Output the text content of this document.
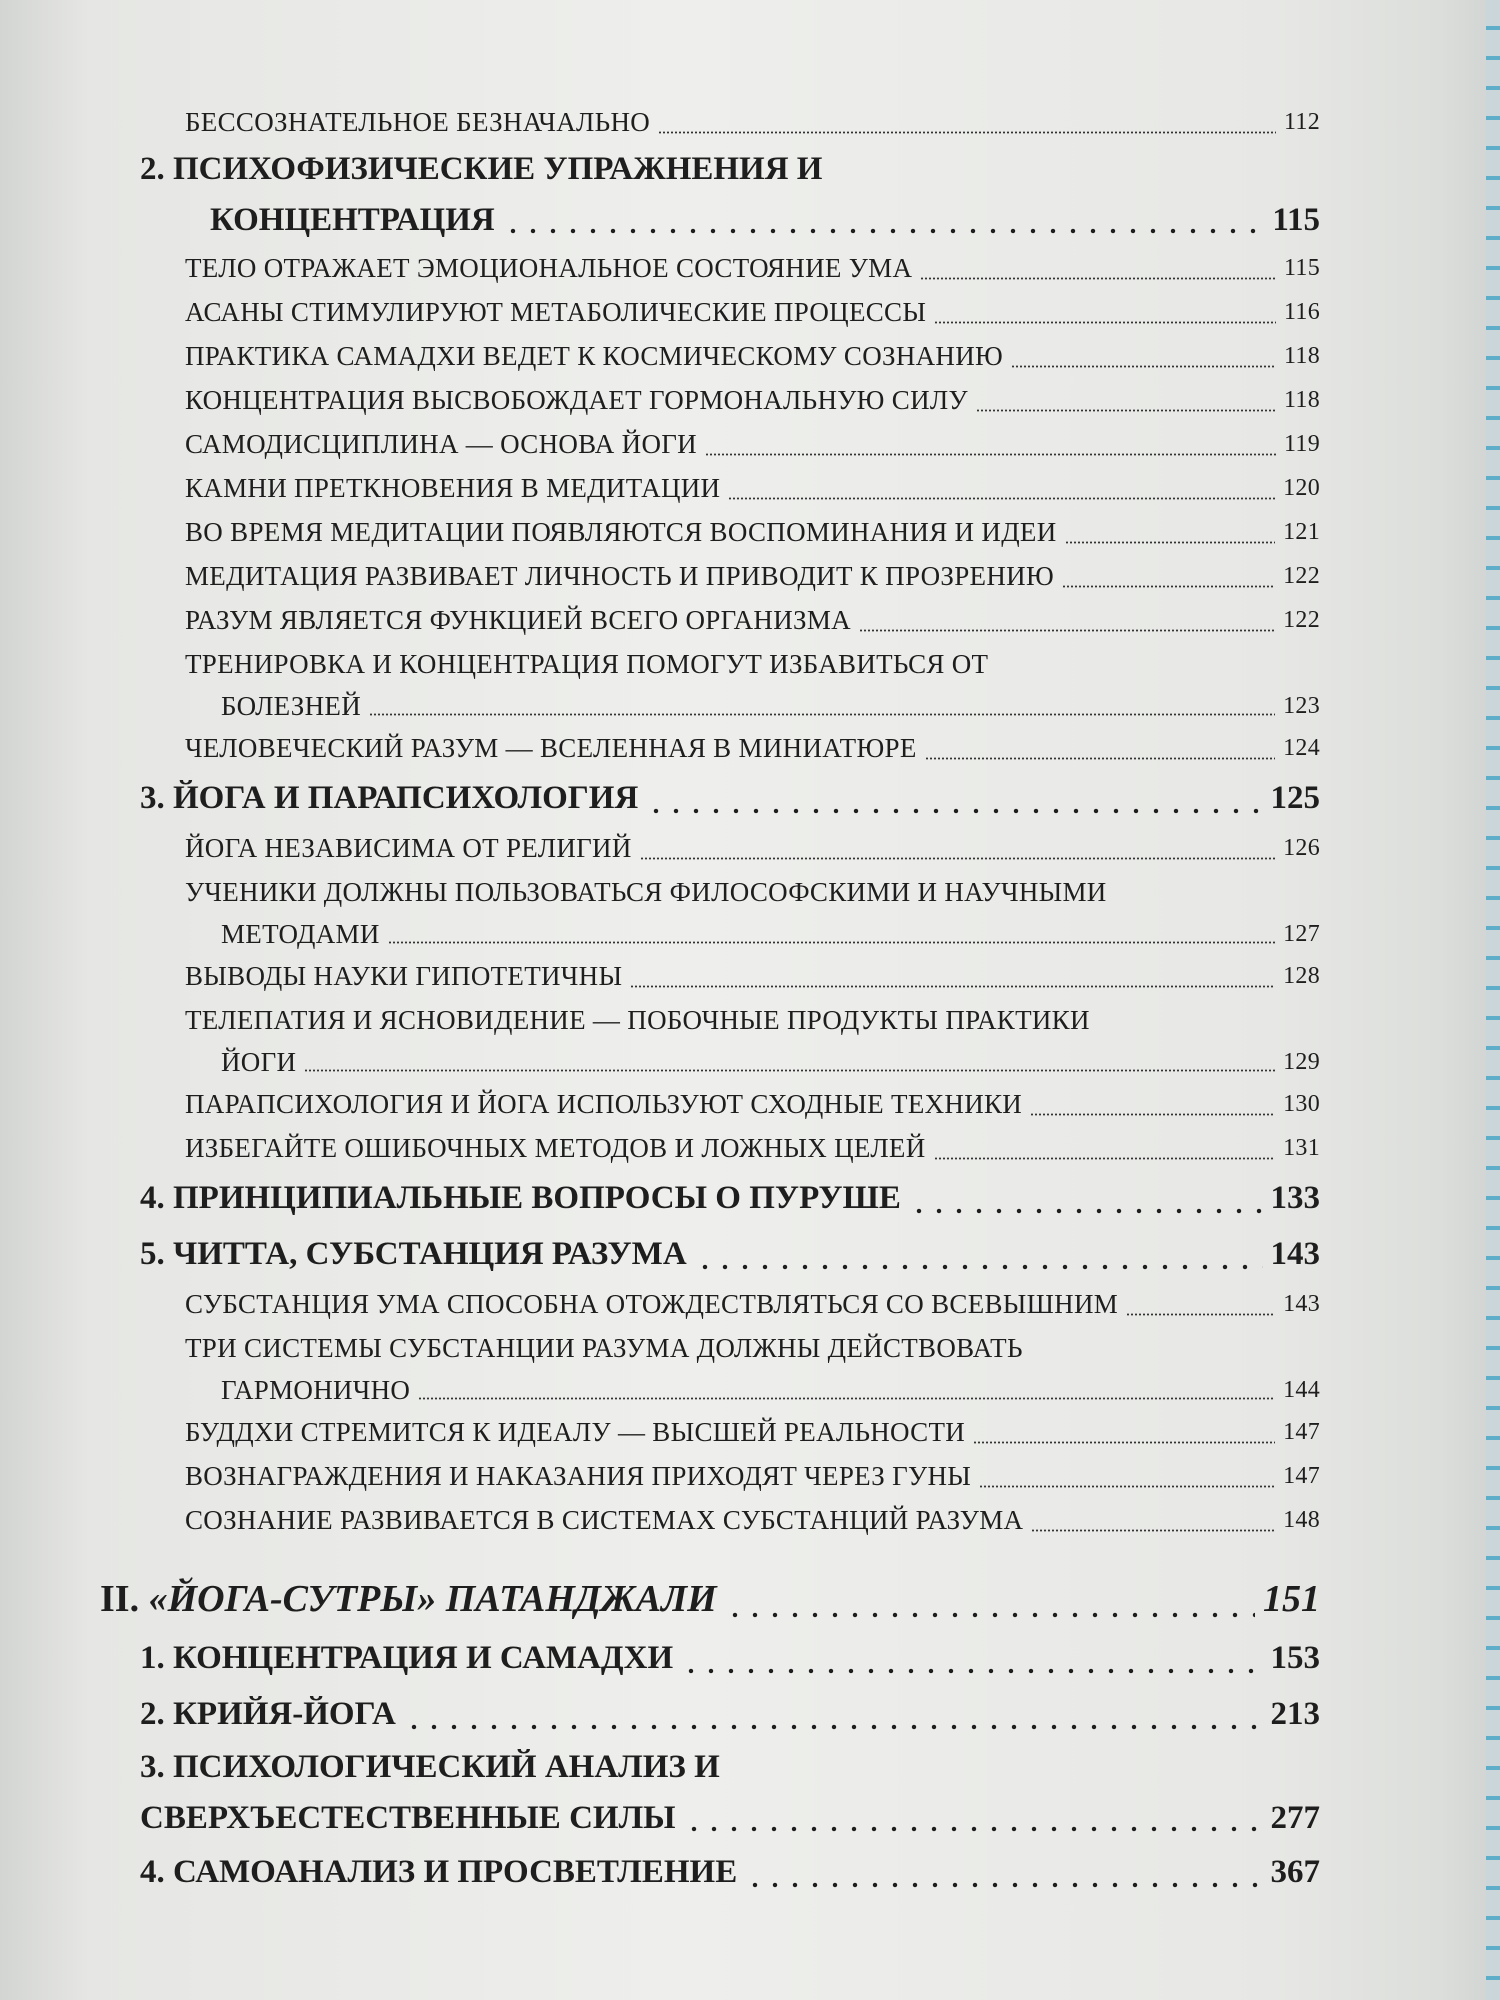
БЕССОЗНАТЕЛЬНОЕ БЕЗНАЧАЛЬНО	112
2. ПСИХОФИЗИЧЕСКИЕ УПРАЖНЕНИЯ И
КОНЦЕНТРАЦИЯ	115
ТЕЛО ОТРАЖАЕТ ЭМОЦИОНАЛЬНОЕ СОСТОЯНИЕ УМА	115
АСАНЫ СТИМУЛИРУЮТ МЕТАБОЛИЧЕСКИЕ ПРОЦЕССЫ	116
ПРАКТИКА САМАДХИ ВЕДЕТ К КОСМИЧЕСКОМУ СОЗНАНИЮ	118
КОНЦЕНТРАЦИЯ ВЫСВОБОЖДАЕТ ГОРМОНАЛЬНУЮ СИЛУ	118
САМОДИСЦИПЛИНА — ОСНОВА ЙОГИ	119
КАМНИ ПРЕТКНОВЕНИЯ В МЕДИТАЦИИ	120
ВО ВРЕМЯ МЕДИТАЦИИ ПОЯВЛЯЮТСЯ ВОСПОМИНАНИЯ И ИДЕИ	121
МЕДИТАЦИЯ РАЗВИВАЕТ ЛИЧНОСТЬ И ПРИВОДИТ К ПРОЗРЕНИЮ	122
РАЗУМ ЯВЛЯЕТСЯ ФУНКЦИЕЙ ВСЕГО ОРГАНИЗМА	122
ТРЕНИРОВКА И КОНЦЕНТРАЦИЯ ПОМОГУТ ИЗБАВИТЬСЯ ОТ
БОЛЕЗНЕЙ	123
ЧЕЛОВЕЧЕСКИЙ РАЗУМ — ВСЕЛЕННАЯ В МИНИАТЮРЕ	124
3. ЙОГА И ПАРАПСИХОЛОГИЯ	125
ЙОГА НЕЗАВИСИМА ОТ РЕЛИГИЙ	126
УЧЕНИКИ ДОЛЖНЫ ПОЛЬЗОВАТЬСЯ ФИЛОСОФСКИМИ И НАУЧНЫМИ
МЕТОДАМИ	127
ВЫВОДЫ НАУКИ ГИПОТЕТИЧНЫ	128
ТЕЛЕПАТИЯ И ЯСНОВИДЕНИЕ — ПОБОЧНЫЕ ПРОДУКТЫ ПРАКТИКИ
ЙОГИ	129
ПАРАПСИХОЛОГИЯ И ЙОГА ИСПОЛЬЗУЮТ СХОДНЫЕ ТЕХНИКИ	130
ИЗБЕГАЙТЕ ОШИБОЧНЫХ МЕТОДОВ И ЛОЖНЫХ ЦЕЛЕЙ	131
4. ПРИНЦИПИАЛЬНЫЕ ВОПРОСЫ О ПУРУШЕ	133
5. ЧИТТА, СУБСТАНЦИЯ РАЗУМА	143
СУБСТАНЦИЯ УМА СПОСОБНА ОТОЖДЕСТВЛЯТЬСЯ СО ВСЕВЫШНИМ	143
ТРИ СИСТЕМЫ СУБСТАНЦИИ РАЗУМА ДОЛЖНЫ ДЕЙСТВОВАТЬ
ГАРМОНИЧНО	144
БУДДХИ СТРЕМИТСЯ К ИДЕАЛУ — ВЫСШЕЙ РЕАЛЬНОСТИ	147
ВОЗНАГРАЖДЕНИЯ И НАКАЗАНИЯ ПРИХОДЯТ ЧЕРЕЗ ГУНЫ	147
СОЗНАНИЕ РАЗВИВАЕТСЯ В СИСТЕМАХ СУБСТАНЦИЙ РАЗУМА	148
II. «ЙОГА-СУТРЫ» ПАТАНДЖАЛИ	151
1. КОНЦЕНТРАЦИЯ И САМАДХИ	153
2. КРИЙЯ-ЙОГА	213
3. ПСИХОЛОГИЧЕСКИЙ АНАЛИЗ И
СВЕРХЪЕСТЕСТВЕННЫЕ СИЛЫ	277
4. САМОАНАЛИЗ И ПРОСВЕТЛЕНИЕ	367
